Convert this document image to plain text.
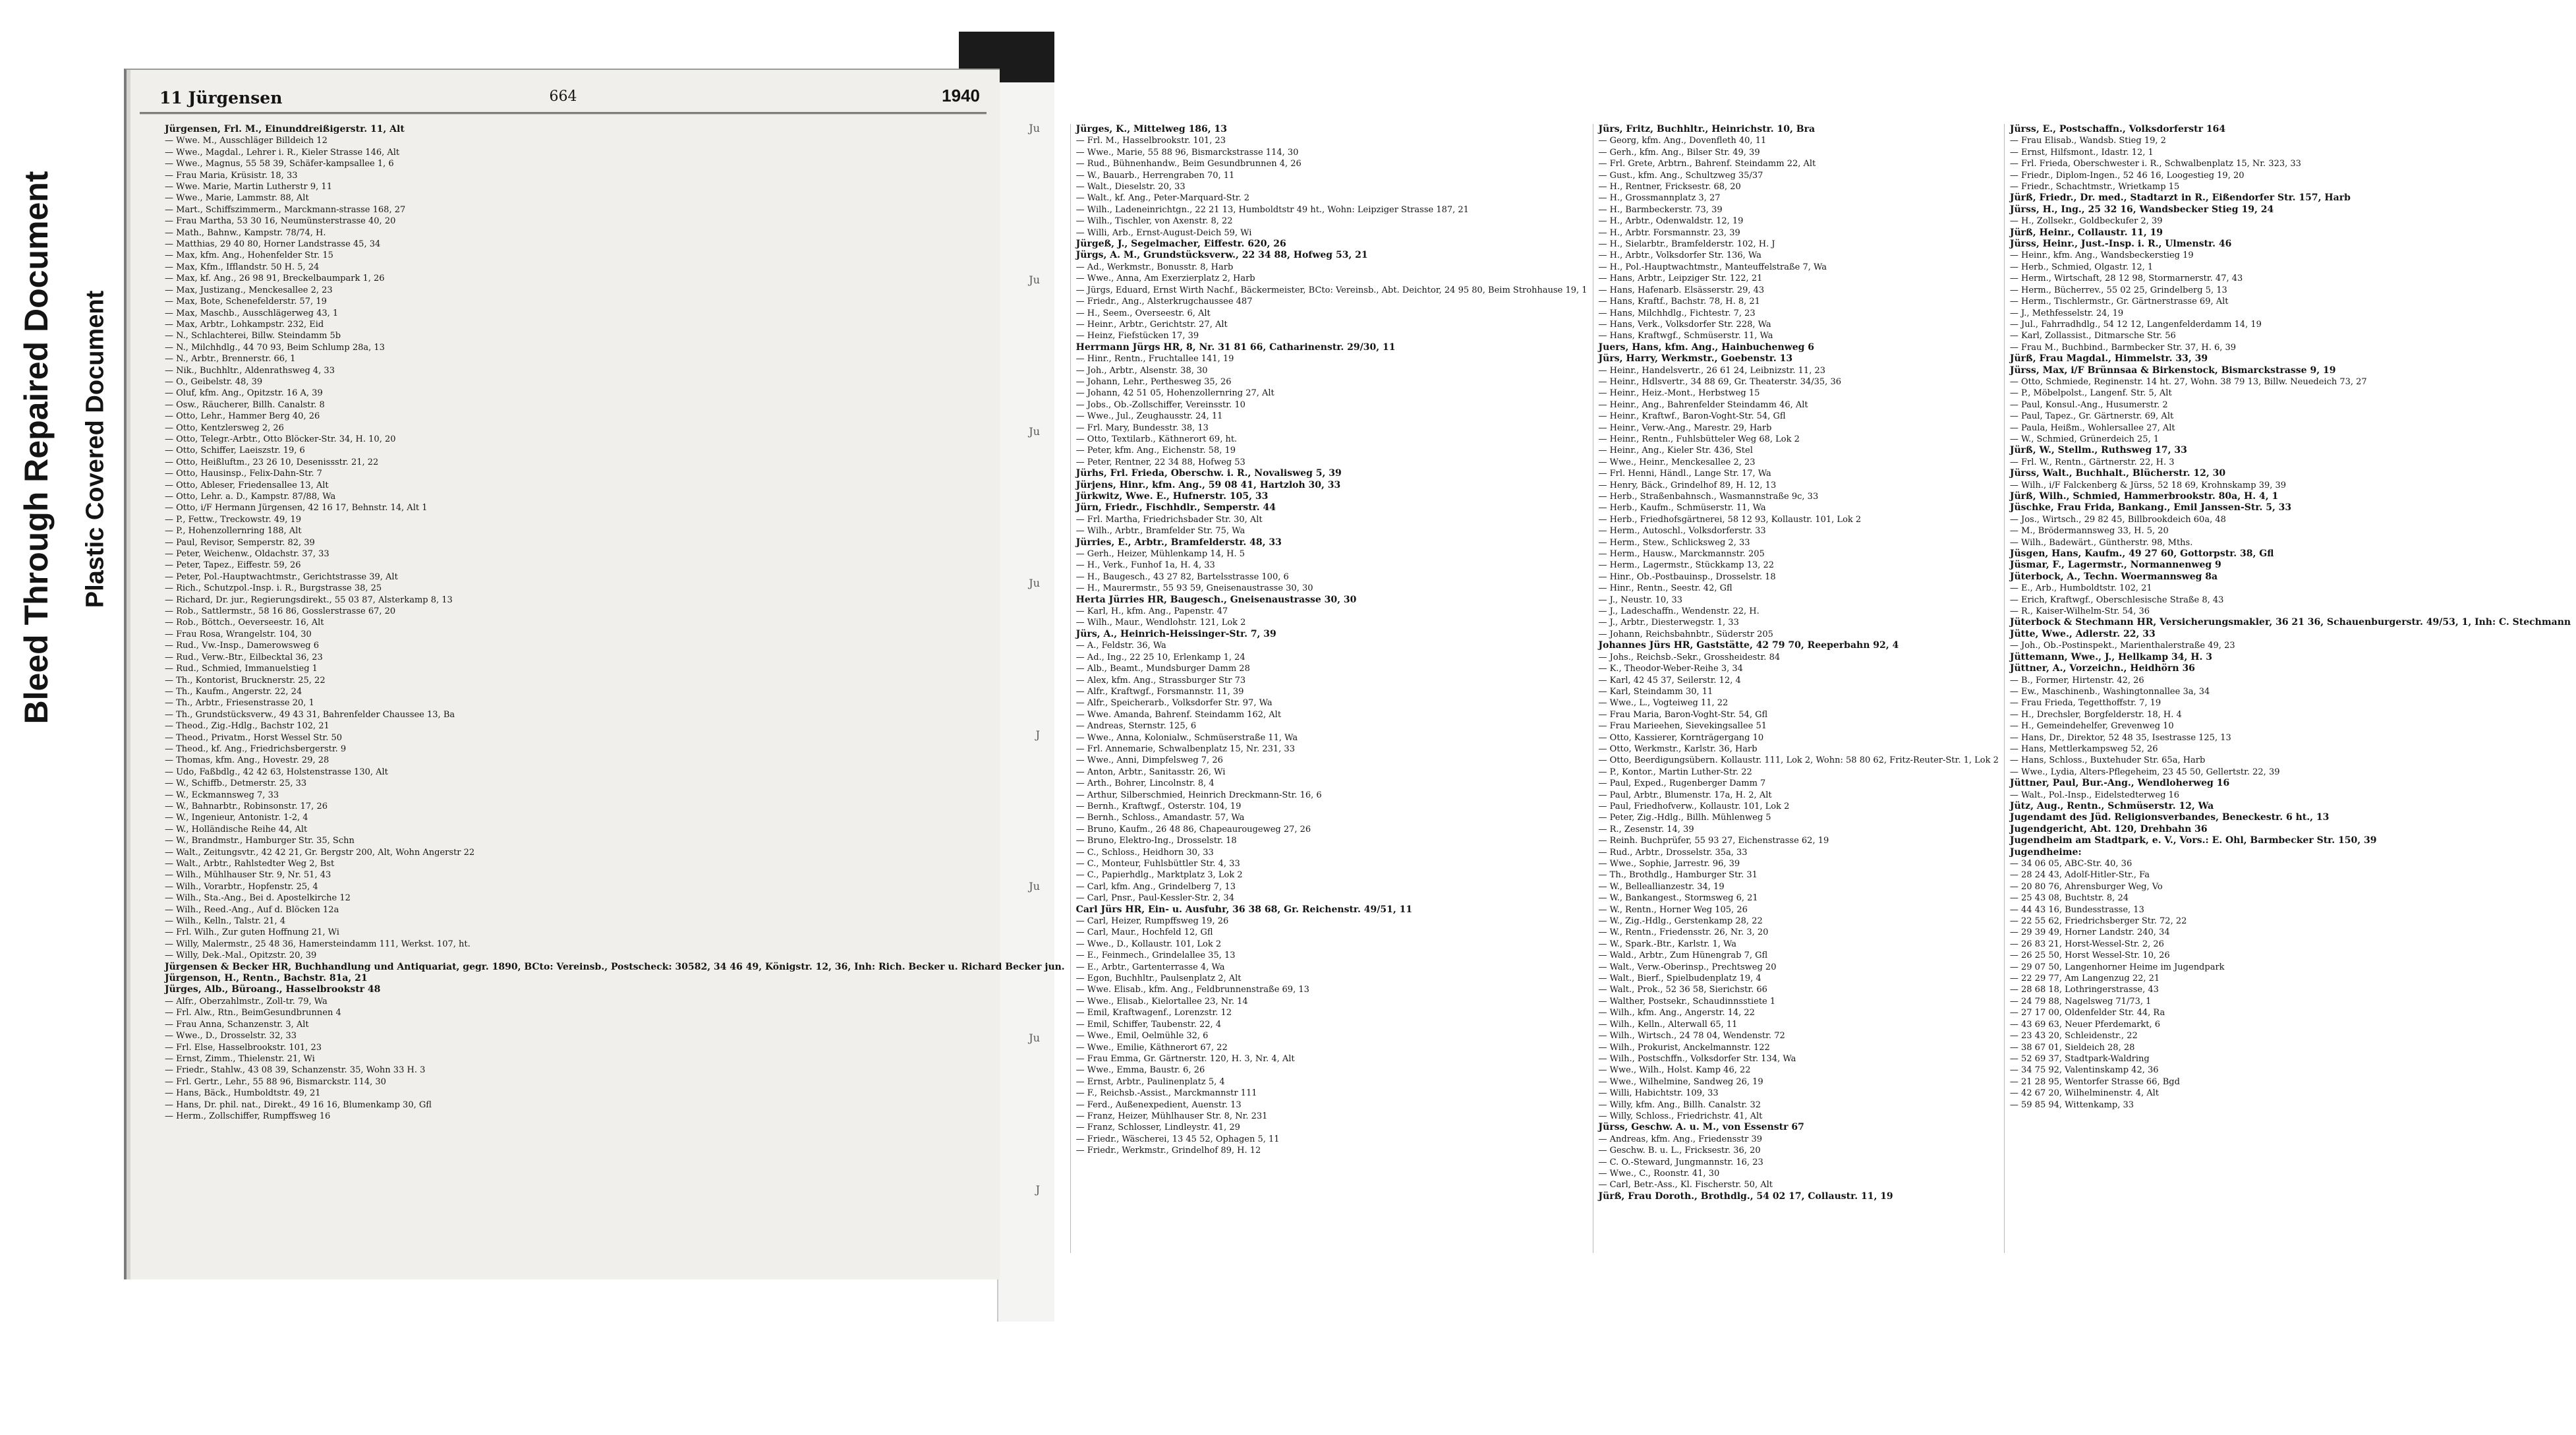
Bleed Through Repaired Document Plastic Covered Document
Ju
Ju
Ju
Ju
J
Ju
Ju
J
11 Jürgensen	664	1940

Jürgensen, Frl. M., Einunddreißigerstr. 11, Alt

— Wwe. M., Ausschläger Billdeich 12

— Wwe., Magdal., Lehrer i. R., Kieler Strasse 146, Alt

— Wwe., Magnus, 55 58 39, Schäfer-kampsallee 1, 6

— Frau Maria, Krüsistr. 18, 33

— Wwe. Marie, Martin Lutherstr 9, 11

— Wwe., Marie, Lammstr. 88, Alt

— Mart., Schiffszimmerm., Marckmann-strasse 168, 27

— Frau Martha, 53 30 16, Neumünsterstrasse 40, 20

— Math., Bahnw., Kampstr. 78/74, H.

— Matthias, 29 40 80, Horner Landstrasse 45, 34

— Max, kfm. Ang., Hohenfelder Str. 15

— Max, Kfm., Ifflandstr. 50 H. 5, 24

— Max, kf. Ang., 26 98 91, Breckelbaumpark 1, 26

— Max, Justizang., Menckesallee 2, 23

— Max, Bote, Schenefelderstr. 57, 19

— Max, Maschb., Ausschlägerweg 43, 1

— Max, Arbtr., Lohkampstr. 232, Eid

— N., Schlachterei, Billw. Steindamm 5b

— N., Milchhdlg., 44 70 93, Beim Schlump 28a, 13

— N., Arbtr., Brennerstr. 66, 1

— Nik., Buchhltr., Aldenrathsweg 4, 33

— O., Geibelstr. 48, 39

— Oluf, kfm. Ang., Opitzstr. 16 A, 39

— Osw., Räucherer, Billh. Canalstr. 8

— Otto, Lehr., Hammer Berg 40, 26

— Otto, Kentzlersweg 2, 26

— Otto, Telegr.-Arbtr., Otto Blöcker-Str. 34, H. 10, 20

— Otto, Schiffer, Laeiszstr. 19, 6

— Otto, Heißluftm., 23 26 10, Desenissstr. 21, 22

— Otto, Hausinsp., Felix-Dahn-Str. 7

— Otto, Ableser, Friedensallee 13, Alt

— Otto, Lehr. a. D., Kampstr. 87/88, Wa

— Otto, i/F Hermann Jürgensen, 42 16 17, Behnstr. 14, Alt 1

— P., Fettw., Treckowstr. 49, 19

— P., Hohenzollernring 188, Alt

— Paul, Revisor, Semperstr. 82, 39

— Peter, Weichenw., Oldachstr. 37, 33

— Peter, Tapez., Eiffestr. 59, 26

— Peter, Pol.-Hauptwachtmstr., Gerichtstrasse 39, Alt

— Rich., Schutzpol.-Insp. i. R., Burgstrasse 38, 25

— Richard, Dr. jur., Regierungsdirekt., 55 03 87, Alsterkamp 8, 13

— Rob., Sattlermstr., 58 16 86, Gosslerstrasse 67, 20

— Rob., Böttch., Oeverseestr. 16, Alt

— Frau Rosa, Wrangelstr. 104, 30

— Rud., Vw.-Insp., Damerowsweg 6

— Rud., Verw.-Btr., Eilbecktal 36, 23

— Rud., Schmied, Immanuelstieg 1

— Th., Kontorist, Brucknerstr. 25, 22

— Th., Kaufm., Angerstr. 22, 24

— Th., Arbtr., Friesenstrasse 20, 1

— Th., Grundstücksverw., 49 43 31, Bahrenfelder Chaussee 13, Ba

— Theod., Zig.-Hdlg., Bachstr 102, 21

— Theod., Privatm., Horst Wessel Str. 50

— Theod., kf. Ang., Friedrichsbergerstr. 9

— Thomas, kfm. Ang., Hovestr. 29, 28

— Udo, Faßbdlg., 42 42 63, Holstenstrasse 130, Alt

— W., Schiffb., Detmerstr. 25, 33

— W., Eckmannsweg 7, 33

— W., Bahnarbtr., Robinsonstr. 17, 26

— W., Ingenieur, Antonistr. 1-2, 4

— W., Holländische Reihe 44, Alt

— W., Brandmstr., Hamburger Str. 35, Schn

— Walt., Zeitungsvtr., 42 42 21, Gr. Bergstr 200, Alt, Wohn Angerstr 22

— Walt., Arbtr., Rahlstedter Weg 2, Bst

— Wilh., Mühlhauser Str. 9, Nr. 51, 43

— Wilh., Vorarbtr., Hopfenstr. 25, 4

— Wilh., Sta.-Ang., Bei d. Apostelkirche 12

— Wilh., Reed.-Ang., Auf d. Blöcken 12a

— Wilh., Kelln., Talstr. 21, 4

— Frl. Wilh., Zur guten Hoffnung 21, Wi

— Willy, Malermstr., 25 48 36, Hamersteindamm 111, Werkst. 107, ht.

— Willy, Dek.-Mal., Opitzstr. 20, 39

Jürgensen & Becker HR, Buchhandlung und Antiquariat, gegr. 1890, BCto: Vereinsb., Postscheck: 30582, 34 46 49, Königstr. 12, 36, Inh: Rich. Becker u. Richard Becker jun.

Jürgenson, H., Rentn., Bachstr. 81a, 21

Jürges, Alb., Büroang., Hasselbrookstr 48

— Alfr., Oberzahlmstr., Zoll-tr. 79, Wa

— Frl. Alw., Rtn., BeimGesundbrunnen 4

— Frau Anna, Schanzenstr. 3, Alt

— Wwe., D., Drosselstr. 32, 33

— Frl. Else, Hasselbrookstr. 101, 23

— Ernst, Zimm., Thielenstr. 21, Wi

— Friedr., Stahlw., 43 08 39, Schanzenstr. 35, Wohn 33 H. 3

— Frl. Gertr., Lehr., 55 88 96, Bismarckstr. 114, 30

— Hans, Bäck., Humboldtstr. 49, 21

— Hans, Dr. phil. nat., Direkt., 49 16 16, Blumenkamp 30, Gfl

— Herm., Zollschiffer, Rumpffsweg 16

Jürges, K., Mittelweg 186, 13

— Frl. M., Hasselbrookstr. 101, 23

— Wwe., Marie, 55 88 96, Bismarckstrasse 114, 30

— Rud., Bühnenhandw., Beim Gesundbrunnen 4, 26

— W., Bauarb., Herrengraben 70, 11

— Walt., Dieselstr. 20, 33

— Walt., kf. Ang., Peter-Marquard-Str. 2

— Wilh., Ladeneinrichtgn., 22 21 13, Humboldtstr 49 ht., Wohn: Leipziger Strasse 187, 21

— Wilh., Tischler, von Axenstr. 8, 22

— Willi, Arb., Ernst-August-Deich 59, Wi

Jürgeß, J., Segelmacher, Eiffestr. 620, 26

Jürgs, A. M., Grundstücksverw., 22 34 88, Hofweg 53, 21

— Ad., Werkmstr., Bonusstr. 8, Harb

— Wwe., Anna, Am Exerzierplatz 2, Harb

— Jürgs, Eduard, Ernst Wirth Nachf., Bäckermeister, BCto: Vereinsb., Abt. Deichtor, 24 95 80, Beim Strohhause 19, 1

— Friedr., Ang., Alsterkrugchaussee 487

— H., Seem., Overseestr. 6, Alt

— Heinr., Arbtr., Gerichtstr. 27, Alt

— Heinz, Fiefstücken 17, 39

Herrmann Jürgs HR, 8, Nr. 31 81 66, Catharinenstr. 29/30, 11

— Hinr., Rentn., Fruchtallee 141, 19

— Joh., Arbtr., Alsenstr. 38, 30

— Johann, Lehr., Perthesweg 35, 26

— Johann, 42 51 05, Hohenzollernring 27, Alt

— Jobs., Ob.-Zollschiffer, Vereinsstr. 10

— Wwe., Jul., Zeughausstr. 24, 11

— Frl. Mary, Bundesstr. 38, 13

— Otto, Textilarb., Käthnerort 69, ht.

— Peter, kfm. Ang., Eichenstr. 58, 19

— Peter, Rentner, 22 34 88, Hofweg 53

Jürhs, Frl. Frieda, Oberschw. i. R., Novalisweg 5, 39

Jürjens, Hinr., kfm. Ang., 59 08 41, Hartzloh 30, 33

Jürkwitz, Wwe. E., Hufnerstr. 105, 33

Jürn, Friedr., Fischhdlr., Semperstr. 44

— Frl. Martha, Friedrichsbader Str. 30, Alt

— Wilh., Arbtr., Bramfelder Str. 75, Wa

Jürries, E., Arbtr., Bramfelderstr. 48, 33

— Gerh., Heizer, Mühlenkamp 14, H. 5

— H., Verk., Funhof 1a, H. 4, 33

— H., Baugesch., 43 27 82, Bartelsstrasse 100, 6

— H., Maurermstr., 55 93 59, Gneisenaustrasse 30, 30

Herta Jürries HR, Baugesch., Gneisenaustrasse 30, 30

— Karl, H., kfm. Ang., Papenstr. 47

— Wilh., Maur., Wendlohstr. 121, Lok 2

Jürs, A., Heinrich-Heissinger-Str. 7, 39

— A., Feldstr. 36, Wa

— Ad., Ing., 22 25 10, Erlenkamp 1, 24

— Alb., Beamt., Mundsburger Damm 28

— Alex, kfm. Ang., Strassburger Str 73

— Alfr., Kraftwgf., Forsmannstr. 11, 39

— Alfr., Speicherarb., Volksdorfer Str. 97, Wa

— Wwe. Amanda, Bahrenf. Steindamm 162, Alt

— Andreas, Sternstr. 125, 6

— Wwe., Anna, Kolonialw., Schmüserstraße 11, Wa

— Frl. Annemarie, Schwalbenplatz 15, Nr. 231, 33

— Wwe., Anni, Dimpfelsweg 7, 26

— Anton, Arbtr., Sanitasstr. 26, Wi

— Arth., Bohrer, Lincolnstr. 8, 4

— Arthur, Silberschmied, Heinrich Dreckmann-Str. 16, 6

— Bernh., Kraftwgf., Osterstr. 104, 19

— Bernh., Schloss., Amandastr. 57, Wa

— Bruno, Kaufm., 26 48 86, Chapeaurougeweg 27, 26

— Bruno, Elektro-Ing., Drosselstr. 18

— C., Schloss., Heidhorn 30, 33

— C., Monteur, Fuhlsbüttler Str. 4, 33

— C., Papierhdlg., Marktplatz 3, Lok 2

— Carl, kfm. Ang., Grindelberg 7, 13

— Carl, Pnsr., Paul-Kessler-Str. 2, 34

Carl Jürs HR, Ein- u. Ausfuhr, 36 38 68, Gr. Reichenstr. 49/51, 11

— Carl, Heizer, Rumpffsweg 19, 26

— Carl, Maur., Hochfeld 12, Gfl

— Wwe., D., Kollaustr. 101, Lok 2

— E., Feinmech., Grindelallee 35, 13

— E., Arbtr., Gartenterrasse 4, Wa

— Egon, Buchhltr., Paulsenplatz 2, Alt

— Wwe. Elisab., kfm. Ang., Feldbrunnenstraße 69, 13

— Wwe., Elisab., Kielortallee 23, Nr. 14

— Emil, Kraftwagenf., Lorenzstr. 12

— Emil, Schiffer, Taubenstr. 22, 4

— Wwe., Emil, Oelmühle 32, 6

— Wwe., Emilie, Käthnerort 67, 22

— Frau Emma, Gr. Gärtnerstr. 120, H. 3, Nr. 4, Alt

— Wwe., Emma, Baustr. 6, 26

— Ernst, Arbtr., Paulinenplatz 5, 4

— F., Reichsb.-Assist., Marckmannstr 111

— Ferd., Außenexpedient, Auenstr. 13

— Franz, Heizer, Mühlhauser Str. 8, Nr. 231

— Franz, Schlosser, Lindleystr. 41, 29

— Friedr., Wäscherei, 13 45 52, Ophagen 5, 11

— Friedr., Werkmstr., Grindelhof 89, H. 12

Jürs, Fritz, Buchhltr., Heinrichstr. 10, Bra

— Georg, kfm. Ang., Dovenfleth 40, 11

— Gerh., kfm. Ang., Bilser Str. 49, 39

— Frl. Grete, Arbtrn., Bahrenf. Steindamm 22, Alt

— Gust., kfm. Ang., Schultzweg 35/37

— H., Rentner, Fricksestr. 68, 20

— H., Grossmannplatz 3, 27

— H., Barmbeckerstr. 73, 39

— H., Arbtr., Odenwaldstr. 12, 19

— H., Arbtr. Forsmannstr. 23, 39

— H., Sielarbtr., Bramfelderstr. 102, H. J

— H., Arbtr., Volksdorfer Str. 136, Wa

— H., Pol.-Hauptwachtmstr., Manteuffelstraße 7, Wa

— Hans, Arbtr., Leipziger Str. 122, 21

— Hans, Hafenarb. Elsässerstr. 29, 43

— Hans, Kraftf., Bachstr. 78, H. 8, 21

— Hans, Milchhdlg., Fichtestr. 7, 23

— Hans, Verk., Volksdorfer Str. 228, Wa

— Hans, Kraftwgf., Schmüserstr. 11, Wa

Juers, Hans, kfm. Ang., Hainbuchenweg 6

Jürs, Harry, Werkmstr., Goebenstr. 13

— Heinr., Handelsvertr., 26 61 24, Leibnizstr. 11, 23

— Heinr., Hdlsvertr., 34 88 69, Gr. Theaterstr. 34/35, 36

— Heinr., Heiz.-Mont., Herbstweg 15

— Heinr., Ang., Bahrenfelder Steindamm 46, Alt

— Heinr., Kraftwf., Baron-Voght-Str. 54, Gfl

— Heinr., Verw.-Ang., Marestr. 29, Harb

— Heinr., Rentn., Fuhlsbütteler Weg 68, Lok 2

— Heinr., Ang., Kieler Str. 436, Stel

— Wwe., Heinr., Menckesallee 2, 23

— Frl. Henni, Händl., Lange Str. 17, Wa

— Henry, Bäck., Grindelhof 89, H. 12, 13

— Herb., Straßenbahnsch., Wasmannstraße 9c, 33

— Herb., Kaufm., Schmüserstr. 11, Wa

— Herb., Friedhofsgärtnerei, 58 12 93, Kollaustr. 101, Lok 2

— Herm., Autoschl., Volksdorferstr. 33

— Herm., Stew., Schlicksweg 2, 33

— Herm., Hausw., Marckmannstr. 205

— Herm., Lagermstr., Stückkamp 13, 22

— Hinr., Ob.-Postbauinsp., Drosselstr. 18

— Hinr., Rentn., Seestr. 42, Gfl

— J., Neustr. 10, 33

— J., Ladeschaffn., Wendenstr. 22, H.

— J., Arbtr., Diesterwegstr. 1, 33

— Johann, Reichsbahnbtr., Süderstr 205

Johannes Jürs HR, Gaststätte, 42 79 70, Reeperbahn 92, 4

— Johs., Reichsb.-Sekr., Grossheidestr. 84

— K., Theodor-Weber-Reihe 3, 34

— Karl, 42 45 37, Seilerstr. 12, 4

— Karl, Steindamm 30, 11

— Wwe., L., Vogteiweg 11, 22

— Frau Maria, Baron-Voght-Str. 54, Gfl

— Frau Marieehen, Sievekingsallee 51

— Otto, Kassierer, Kornträgergang 10

— Otto, Werkmstr., Karlstr. 36, Harb

— Otto, Beerdigungsübern. Kollaustr. 111, Lok 2, Wohn: 58 80 62, Fritz-Reuter-Str. 1, Lok 2

— P., Kontor., Martin Luther-Str. 22

— Paul, Exped., Rugenberger Damm 7

— Paul, Arbtr., Blumenstr. 17a, H. 2, Alt

— Paul, Friedhofverw., Kollaustr. 101, Lok 2

— Peter, Zig.-Hdlg., Billh. Mühlenweg 5

— R., Zesenstr. 14, 39

— Reinh. Buchprüfer, 55 93 27, Eichenstrasse 62, 19

— Rud., Arbtr., Drosselstr. 35a, 33

— Wwe., Sophie, Jarrestr. 96, 39

— Th., Brothdlg., Hamburger Str. 31

— W., Belleallianzestr. 34, 19

— W., Bankangest., Stormsweg 6, 21

— W., Rentn., Horner Weg 105, 26

— W., Zig.-Hdlg., Gerstenkamp 28, 22

— W., Rentn., Friedensstr. 26, Nr. 3, 20

— W., Spark.-Btr., Karlstr. 1, Wa

— Wald., Arbtr., Zum Hünengrab 7, Gfl

— Walt., Verw.-Oberinsp., Prechtsweg 20

— Walt., Bierf., Spielbudenplatz 19, 4

— Walt., Prok., 52 36 58, Sierichstr. 66

— Walther, Postsekr., Schaudinnsstiete 1

— Wilh., kfm. Ang., Angerstr. 14, 22

— Wilh., Kelln., Alterwall 65, 11

— Wilh., Wirtsch., 24 78 04, Wendenstr. 72

— Wilh., Prokurist, Anckelmannstr. 122

— Wilh., Postschffn., Volksdorfer Str. 134, Wa

— Wwe., Wilh., Holst. Kamp 46, 22

— Wwe., Wilhelmine, Sandweg 26, 19

— Willi, Habichtstr. 109, 33

— Willy, kfm. Ang., Billh. Canalstr. 32

— Willy, Schloss., Friedrichstr. 41, Alt

Jürss, Geschw. A. u. M., von Essenstr 67

— Andreas, kfm. Ang., Friedensstr 39

— Geschw. B. u. L., Fricksestr. 36, 20

— C. O.-Steward, Jungmannstr. 16, 23

— Wwe., C., Roonstr. 41, 30

— Carl, Betr.-Ass., Kl. Fischerstr. 50, Alt

Jürß, Frau Doroth., Brothdlg., 54 02 17, Collaustr. 11, 19

Jürss, E., Postschaffn., Volksdorferstr 164

— Frau Elisab., Wandsb. Stieg 19, 2

— Ernst, Hilfsmont., Idastr. 12, 1

— Frl. Frieda, Oberschwester i. R., Schwalbenplatz 15, Nr. 323, 33

— Friedr., Diplom-Ingen., 52 46 16, Loogestieg 19, 20

— Friedr., Schachtmstr., Wrietkamp 15

Jürß, Friedr., Dr. med., Stadtarzt in R., Eißendorfer Str. 157, Harb

Jürss, H., Ing., 25 32 16, Wandsbecker Stieg 19, 24

— H., Zollsekr., Goldbeckufer 2, 39

Jürß, Heinr., Collaustr. 11, 19

Jürss, Heinr., Just.-Insp. i. R., Ulmenstr. 46

— Heinr., kfm. Ang., Wandsbeckerstieg 19

— Herb., Schmied, Olgastr. 12, 1

— Herm., Wirtschaft, 28 12 98, Stormarnerstr. 47, 43

— Herm., Bücherrev., 55 02 25, Grindelberg 5, 13

— Herm., Tischlermstr., Gr. Gärtnerstrasse 69, Alt

— J., Methfesselstr. 24, 19

— Jul., Fahrradhdlg., 54 12 12, Langenfelderdamm 14, 19

— Karl, Zollassist., Ditmarsche Str. 56

— Frau M., Buchbind., Barmbecker Str. 37, H. 6, 39

Jürß, Frau Magdal., Himmelstr. 33, 39

Jürss, Max, i/F Brünnsaa & Birkenstock, Bismarckstrasse 9, 19

— Otto, Schmiede, Reginenstr. 14 ht. 27, Wohn. 38 79 13, Billw. Neuedeich 73, 27

— P., Möbelpolst., Langenf. Str. 5, Alt

— Paul, Konsul.-Ang., Husumerstr. 2

— Paul, Tapez., Gr. Gärtnerstr. 69, Alt

— Paula, Heißm., Wohlersallee 27, Alt

— W., Schmied, Grünerdeich 25, 1

Jürß, W., Stellm., Ruthsweg 17, 33

— Frl. W., Rentn., Gärtnerstr. 22, H. 3

Jürss, Walt., Buchhalt., Blücherstr. 12, 30

— Wilh., i/F Falckenberg & Jürss, 52 18 69, Krohnskamp 39, 39

Jürß, Wilh., Schmied, Hammerbrookstr. 80a, H. 4, 1

Jüschke, Frau Frida, Bankang., Emil Janssen-Str. 5, 33

— Jos., Wirtsch., 29 82 45, Billbrookdeich 60a, 48

— M., Brödermannsweg 33, H. 5, 20

— Wilh., Badewärt., Güntherstr. 98, Mths.

Jüsgen, Hans, Kaufm., 49 27 60, Gottorpstr. 38, Gfl

Jüsmar, F., Lagermstr., Normannenweg 9

Jüterbock, A., Techn. Woermannsweg 8a

— E., Arb., Humboldtstr. 102, 21

— Erich, Kraftwgf., Oberschlesische Straße 8, 43

— R., Kaiser-Wilhelm-Str. 54, 36

Jüterbock & Stechmann HR, Versicherungsmakler, 36 21 36, Schauenburgerstr. 49/53, 1, Inh: C. Stechmann

Jütte, Wwe., Adlerstr. 22, 33

— Joh., Ob.-Postinspekt., Marienthalerstraße 49, 23

Jüttemann, Wwe., J., Hellkamp 34, H. 3

Jüttner, A., Vorzeichn., Heidhörn 36

— B., Former, Hirtenstr. 42, 26

— Ew., Maschinenb., Washingtonnallee 3a, 34

— Frau Frieda, Tegetthoffstr. 7, 19

— H., Drechsler, Borgfelderstr. 18, H. 4

— H., Gemeindehelfer, Grevenweg 10

— Hans, Dr., Direktor, 52 48 35, Isestrasse 125, 13

— Hans, Mettlerkampsweg 52, 26

— Hans, Schloss., Buxtehuder Str. 65a, Harb

— Wwe., Lydia, Alters-Pflegeheim, 23 45 50, Gellertstr. 22, 39

Jüttner, Paul, Bur.-Ang., Wendloherweg 16

— Walt., Pol.-Insp., Eidelstedterweg 16

Jütz, Aug., Rentn., Schmüserstr. 12, Wa

Jugendamt des Jüd. Religionsverbandes, Beneckestr. 6 ht., 13

Jugendgericht, Abt. 120, Drehbahn 36

Jugendheim am Stadtpark, e. V., Vors.: E. Ohl, Barmbecker Str. 150, 39

Jugendheime:

— 34 06 05, ABC-Str. 40, 36

— 28 24 43, Adolf-Hitler-Str., Fa

— 20 80 76, Ahrensburger Weg, Vo

— 25 43 08, Buchtstr. 8, 24

— 44 43 16, Bundesstrasse, 13

— 22 55 62, Friedrichsberger Str. 72, 22

— 29 39 49, Horner Landstr. 240, 34

— 26 83 21, Horst-Wessel-Str. 2, 26

— 26 25 50, Horst Wessel-Str. 10, 26

— 29 07 50, Langenhorner Heime im Jugendpark

— 22 29 77, Am Langenzug 22, 21

— 28 68 18, Lothringerstrasse, 43

— 24 79 88, Nagelsweg 71/73, 1

— 27 17 00, Oldenfelder Str. 44, Ra

— 43 69 63, Neuer Pferdemarkt, 6

— 23 43 20, Schleidenstr., 22

— 38 67 01, Sieldeich 28, 28

— 52 69 37, Stadtpark-Waldring

— 34 75 92, Valentinskamp 42, 36

— 21 28 95, Wentorfer Strasse 66, Bgd

— 42 67 20, Wilhelminenstr. 4, Alt

— 59 85 94, Wittenkamp, 33
